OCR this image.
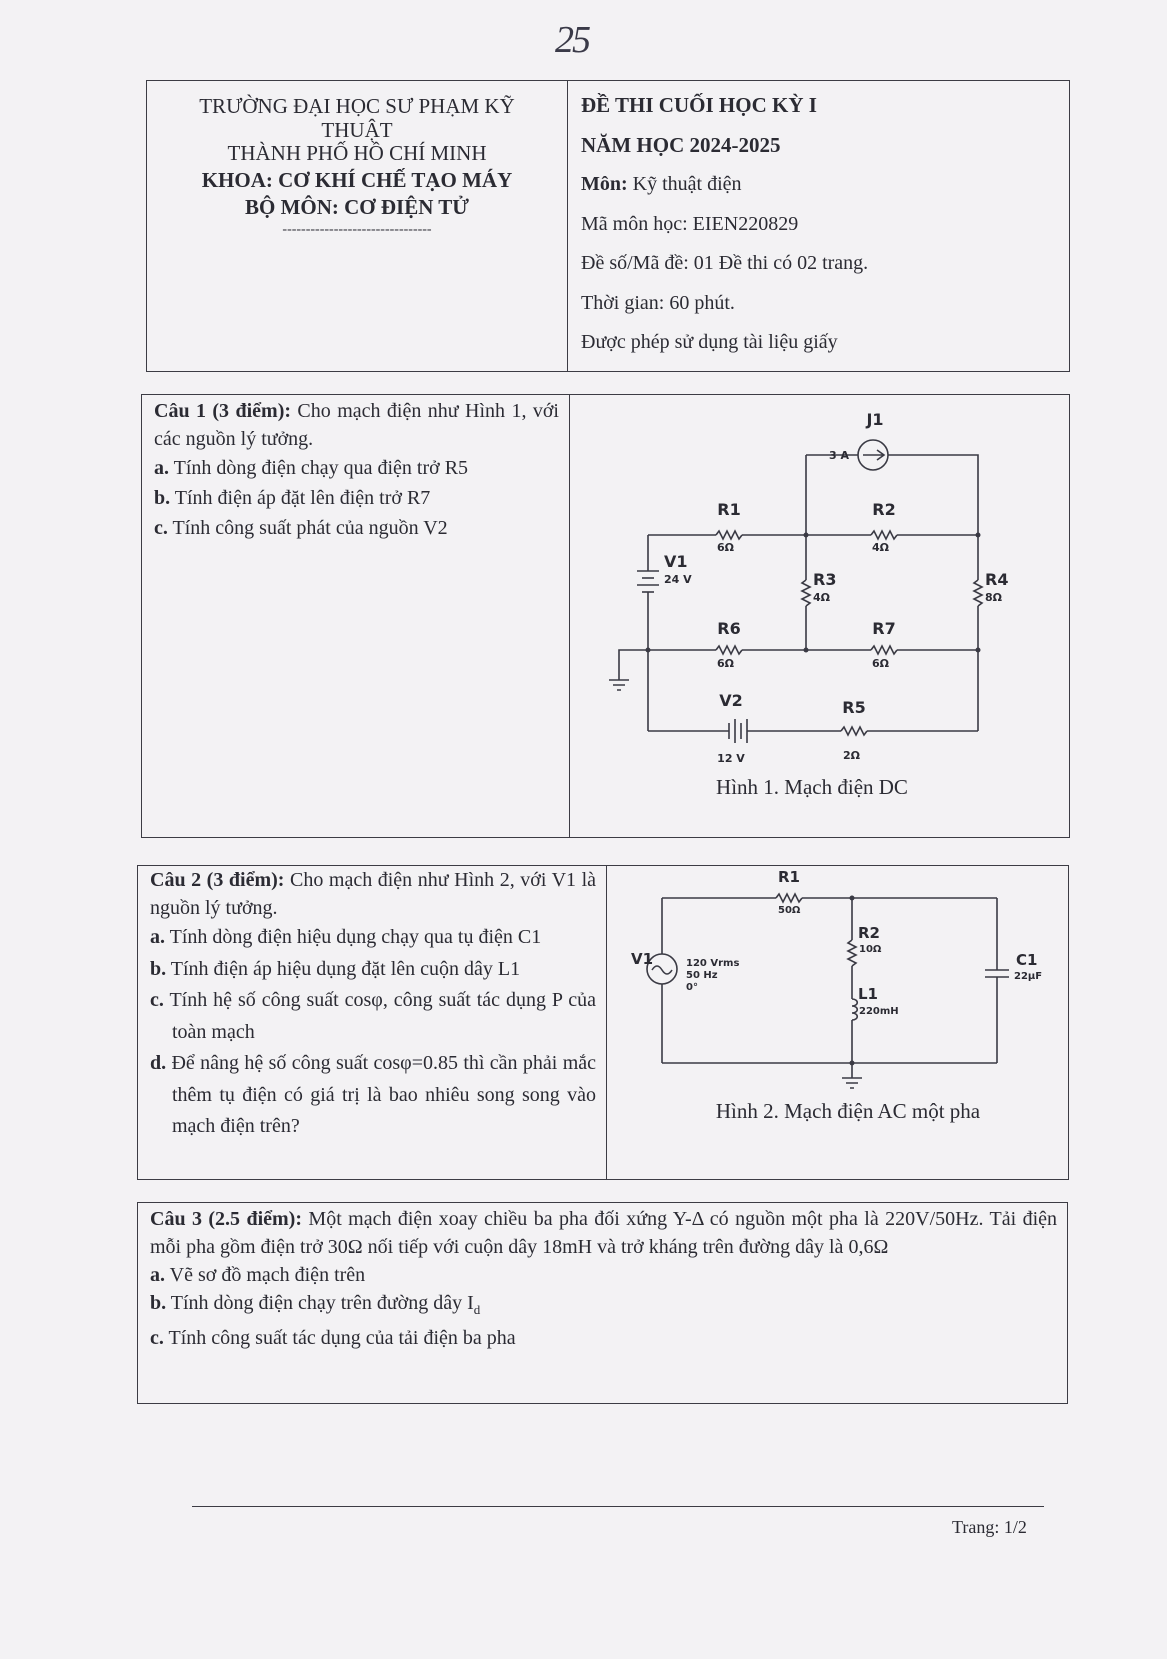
25
TRƯỜNG ĐẠI HỌC SƯ PHẠM KỸ
THUẬT
THÀNH PHỐ HỒ CHÍ MINH
KHOA: CƠ KHÍ CHẾ TẠO MÁY
BỘ MÔN: CƠ ĐIỆN TỬ
--------------------------------
ĐỀ THI CUỐI HỌC KỲ I
NĂM HỌC 2024-2025
Môn: Kỹ thuật điện
Mã môn học: EIEN220829
Đề số/Mã đề: 01 Đề thi có 02 trang.
Thời gian: 60 phút.
Được phép sử dụng tài liệu giấy
Câu 1 (3 điểm): Cho mạch điện như Hình 1, với các nguồn lý tưởng.
a. Tính dòng điện chạy qua điện trở R5
b. Tính điện áp đặt lên điện trở R7
c. Tính công suất phát của nguồn V2
J1
R1	R2
R3	R4
R6	R7
V1
V2	R5
3 A
6Ω	4Ω
4Ω	8Ω
6Ω	6Ω
24 V
12 V	2Ω
Hình 1. Mạch điện DC
Câu 2 (3 điểm): Cho mạch điện như Hình 2, với V1 là nguồn lý tưởng.
a. Tính dòng điện hiệu dụng chạy qua tụ điện C1
b. Tính điện áp hiệu dụng đặt lên cuộn dây L1
c. Tính hệ số công suất cosφ, công suất tác dụng P của toàn mạch
d. Để nâng hệ số công suất cosφ=0.85 thì cần phải mắc thêm tụ điện có giá trị là bao nhiêu song song vào mạch điện trên?
R1
R2
L1
C1
V1
50Ω
10Ω
220mH
22μF
120 Vrms
50 Hz
0°
Hình 2. Mạch điện AC một pha
Câu 3 (2.5 điểm): Một mạch điện xoay chiều ba pha đối xứng Y-Δ có nguồn một pha là 220V/50Hz. Tải điện mỗi pha gồm điện trở 30Ω nối tiếp với cuộn dây 18mH và trở kháng trên đường dây là 0,6Ω
a. Vẽ sơ đồ mạch điện trên
b. Tính dòng điện chạy trên đường dây $I_d$
c. Tính công suất tác dụng của tải điện ba pha
Trang: 1/2
